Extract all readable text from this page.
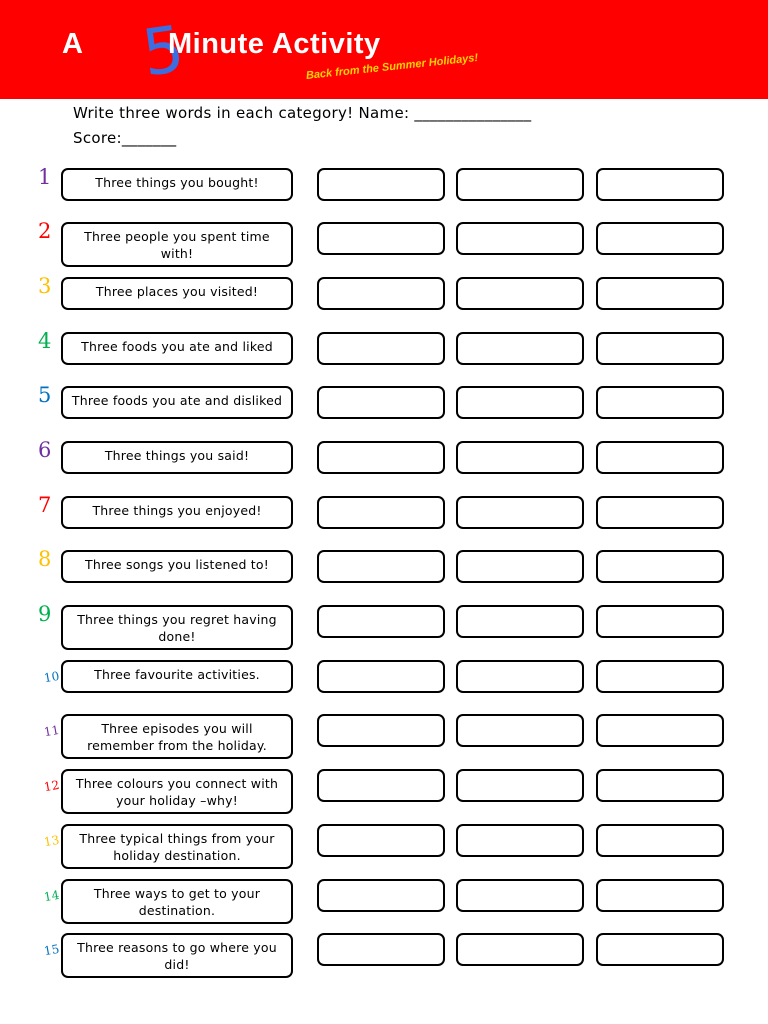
A 5
Minute Activity
Back from the Summer Holidays!
Write three words in each category! Name: _______________
Score:_______
1	Three things you bought!
2	Three people you spent time with!
3	Three places you visited!
4	Three foods you ate and liked
5	Three foods you ate and disliked
6	Three things you said!
7	Three things you enjoyed!
8	Three songs you listened to!
9	Three things you regret having done!
10	Three favourite activities.
11	Three episodes you will remember from the holiday.
12	Three colours you connect with your holiday –why!
13	Three typical things from your holiday destination.
14	Three ways to get to your destination.
15	Three reasons to go where you did!
